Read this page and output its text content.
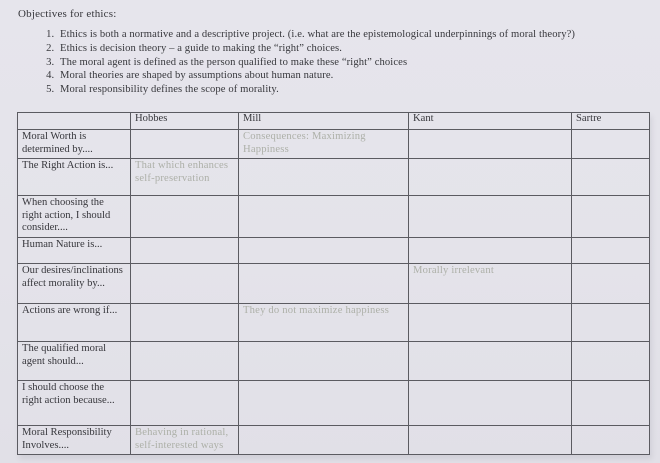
Objectives for ethics:
1. Ethics is both a normative and a descriptive project. (i.e. what are the epistemological underpinnings of moral theory?)
2. Ethics is decision theory – a guide to making the “right” choices.
3. The moral agent is defined as the person qualified to make these “right” choices
4. Moral theories are shaped by assumptions about human nature.
5. Moral responsibility defines the scope of morality.
	Hobbes	Mill	Kant	Sartre
Moral Worth is determined by....		Consequences: Maximizing Happiness		
The Right Action is...	That which enhances self-preservation			
When choosing the right action, I should consider....				
Human Nature is...				
Our desires/inclinations affect morality by...			Morally irrelevant	
Actions are wrong if...		They do not maximize happiness		
The qualified moral agent should...				
I should choose the right action because...				
Moral Responsibility Involves....	Behaving in rational, self-interested ways			
